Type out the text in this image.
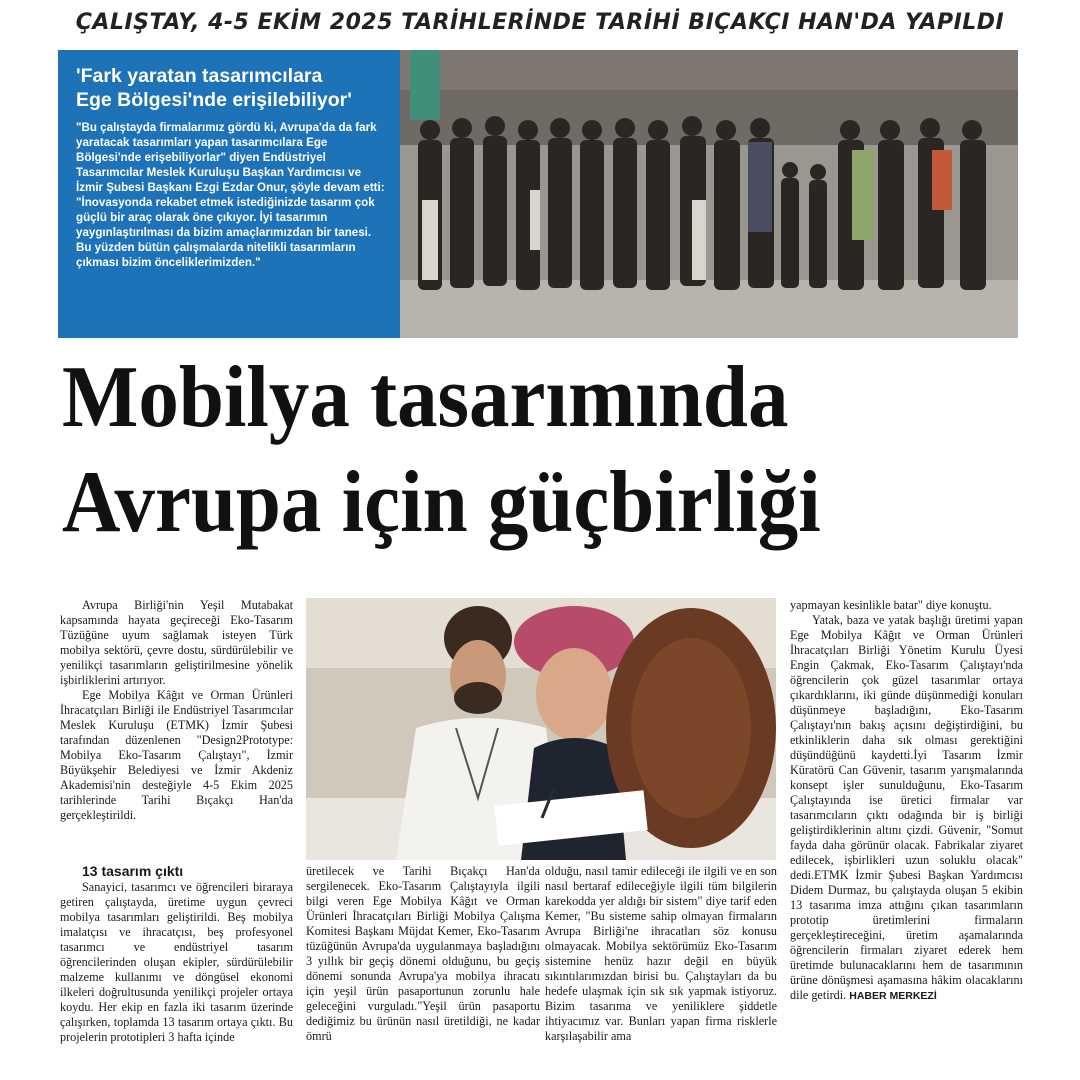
ÇALIŞTAY, 4-5 EKİM 2025 TARİHLERİNDE TARİHİ BIÇAKÇI HAN'DA YAPILDI

'Fark yaratan tasarımcılara
Ege Bölgesi'nde erişilebiliyor'

"Bu çalıştayda firmalarımız gördü ki, Avrupa'da da fark yaratacak tasarımları yapan tasarımcılara Ege Bölgesi'nde erişebiliyorlar" diyen Endüstriyel Tasarımcılar Meslek Kuruluşu Başkan Yardımcısı ve İzmir Şubesi Başkanı Ezgi Ezdar Onur, şöyle devam etti: "İnovasyonda rekabet etmek istediğinizde tasarım çok güçlü bir araç olarak öne çıkıyor. İyi tasarımın yaygınlaştırılması da bizim amaçlarımızdan bir tanesi. Bu yüzden bütün çalışmalarda nitelikli tasarımların çıkması bizim önceliklerimizden."

Mobilya tasarımında
Avrupa için güçbirliği

Avrupa Birliği'nin Yeşil Mutabakat kapsamında hayata geçireceği Eko-Tasarım Tüzüğüne uyum sağlamak isteyen Türk mobilya sektörü, çevre dostu, sürdürülebilir ve yenilikçi tasarımların geliştirilmesine yönelik işbirliklerini artırıyor.

Ege Mobilya Kâğıt ve Orman Ürünleri İhracatçıları Birliği ile Endüstriyel Tasarımcılar Meslek Kuruluşu (ETMK) İzmir Şubesi tarafından düzenlenen "Design2Prototype: Mobilya Eko-Tasarım Çalıştayı", İzmir Büyükşehir Belediyesi ve İzmir Akdeniz Akademisi'nin desteğiyle 4-5 Ekim 2025 tarihlerinde Tarihi Bıçakçı Han'da gerçekleştirildi.

13 tasarım çıktı

Sanayici, tasarımcı ve öğrencileri biraraya getiren çalıştayda, üretime uygun çevreci mobilya tasarımları geliştirildi. Beş mobilya imalatçısı ve ihracatçısı, beş profesyonel tasarımcı ve endüstriyel tasarım öğrencilerinden oluşan ekipler, sürdürülebilir malzeme kullanımı ve döngüsel ekonomi ilkeleri doğrultusunda yenilikçi projeler ortaya koydu. Her ekip en fazla iki tasarım üzerinde çalışırken, toplamda 13 tasarım ortaya çıktı. Bu projelerin prototipleri 3 hafta içinde

üretilecek ve Tarihi Bıçakçı Han'da sergilenecek. Eko-Tasarım Çalıştayıyla ilgili bilgi veren Ege Mobilya Kâğıt ve Orman Ürünleri İhracatçıları Birliği Mobilya Çalışma Komitesi Başkanı Müjdat Kemer, Eko-Tasarım tüzüğünün Avrupa'da uygulanmaya başladığını 3 yıllık bir geçiş dönemi olduğunu, bu geçiş dönemi sonunda Avrupa'ya mobilya ihracatı için yeşil ürün pasaportunun zorunlu hale geleceğini vurguladı."Yeşil ürün pasaportu dediğimiz bu ürünün nasıl üretildiği, ne kadar ömrü

olduğu, nasıl tamir edileceği ile ilgili ve en son nasıl bertaraf edileceğiyle ilgili tüm bilgilerin karekodda yer aldığı bir sistem" diye tarif eden Kemer, "Bu sisteme sahip olmayan firmaların Avrupa Birliği'ne ihracatları söz konusu olmayacak. Mobilya sektörümüz Eko-Tasarım sistemine henüz hazır değil en büyük sıkıntılarımızdan birisi bu. Çalıştayları da bu hedefe ulaşmak için sık sık yapmak istiyoruz. Bizim tasarıma ve yeniliklere şiddetle ihtiyacımız var. Bunları yapan firma risklerle karşılaşabilir ama

yapmayan kesinlikle batar" diye konuştu.

Yatak, baza ve yatak başlığı üretimi yapan Ege Mobilya Kâğıt ve Orman Ürünleri İhracatçıları Birliği Yönetim Kurulu Üyesi Engin Çakmak, Eko-Tasarım Çalıştayı'nda öğrencilerin çok güzel tasarımlar ortaya çıkardıklarını, iki günde düşünmediği konuları düşünmeye başladığını, Eko-Tasarım Çalıştayı'nın bakış açısını değiştirdiğini, bu etkinliklerin daha sık olması gerektiğini düşündüğünü kaydetti.İyi Tasarım İzmir Küratörü Can Güvenir, tasarım yarışmalarında konsept işler sunulduğunu, Eko-Tasarım Çalıştayında ise üretici firmalar var tasarımcıların çıktı odağında bir iş birliği geliştirdiklerinin altını çizdi. Güvenir, "Somut fayda daha görünür olacak. Fabrikalar ziyaret edilecek, işbirlikleri uzun soluklu olacak" dedi.ETMK İzmir Şubesi Başkan Yardımcısı Didem Durmaz, bu çalıştayda oluşan 5 ekibin 13 tasarıma imza attığını çıkan tasarımların prototip üretimlerini firmaların gerçekleştireceğini, üretim aşamalarında öğrencilerin firmaları ziyaret ederek hem üretimde bulunacaklarını hem de tasarımının ürüne dönüşmesi aşamasına hâkim olacaklarını dile getirdi. HABER MERKEZİ
